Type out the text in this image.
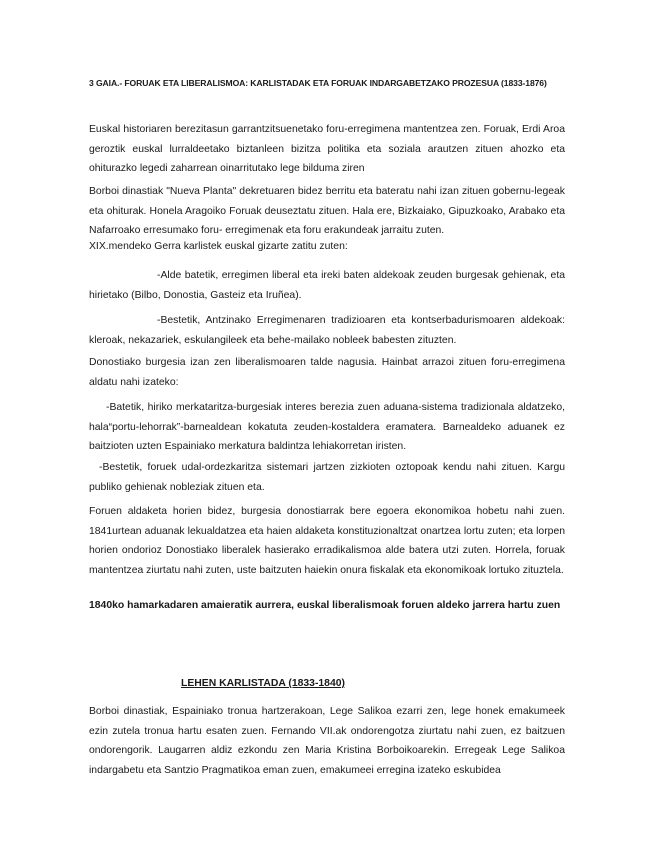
3 GAIA.- FORUAK ETA LIBERALISMOA: KARLISTADAK ETA FORUAK INDARGABETZAKO PROZESUA (1833-1876)

Euskal historiaren berezitasun garrantzitsuenetako foru-erregimena mantentzea zen. Foruak, Erdi Aroa geroztik euskal lurraldeetako biztanleen bizitza politika eta soziala arautzen zituen ahozko eta ohiturazko legedi zaharrean oinarritutako lege bilduma ziren

Borboi dinastiak "Nueva Planta" dekretuaren bidez berritu eta bateratu nahi izan zituen gobernu-legeak eta ohiturak. Honela Aragoiko Foruak deuseztatu zituen. Hala ere, Bizkaiako, Gipuzkoako, Arabako eta Nafarroako erresumako foru- erregimenak eta foru erakundeak jarraitu zuten.

XIX.mendeko Gerra karlistek euskal gizarte zatitu zuten:

-Alde batetik, erregimen liberal eta ireki baten aldekoak zeuden burgesak gehienak, eta hirietako (Bilbo, Donostia, Gasteiz eta Iruñea).

-Bestetik, Antzinako Erregimenaren tradizioaren eta kontserbadurismoaren aldekoak: kleroak, nekazariek, eskulangileek eta behe-mailako nobleek babesten zituzten.

Donostiako burgesia izan zen liberalismoaren talde nagusia. Hainbat arrazoi zituen foru-erregimena aldatu nahi izateko:

-Batetik, hiriko merkataritza-burgesiak interes berezia zuen aduana-sistema tradizionala aldatzeko, hala“portu-lehorrak”-barnealdean kokatuta zeuden-kostaldera eramatera. Barnealdeko aduanek ez baitzioten uzten Espainiako merkatura baldintza lehiakorretan iristen.

-Bestetik, foruek udal-ordezkaritza sistemari jartzen zizkioten oztopoak kendu nahi zituen. Kargu publiko gehienak nobleziak zituen eta.

Foruen aldaketa horien bidez, burgesia donostiarrak bere egoera ekonomikoa hobetu nahi zuen. 1841urtean aduanak lekualdatzea eta haien aldaketa konstituzionaltzat onartzea lortu zuten; eta lorpen horien ondorioz Donostiako liberalek hasierako erradikalismoa alde batera utzi zuten. Horrela, foruak mantentzea ziurtatu nahi zuten, uste baitzuten haiekin onura fiskalak eta ekonomikoak lortuko zituztela.

1840ko hamarkadaren amaieratik aurrera, euskal liberalismoak foruen aldeko jarrera hartu zuen

LEHEN KARLISTADA (1833-1840)

Borboi dinastiak, Espainiako tronua hartzerakoan, Lege Salikoa ezarri zen, lege honek emakumeek ezin zutela tronua hartu esaten zuen. Fernando VII.ak ondorengotza ziurtatu nahi zuen, ez baitzuen ondorengorik. Laugarren aldiz ezkondu zen Maria Kristina Borboikoarekin. Erregeak Lege Salikoa indargabetu eta Santzio Pragmatikoa eman zuen, emakumeei erregina izateko eskubidea
